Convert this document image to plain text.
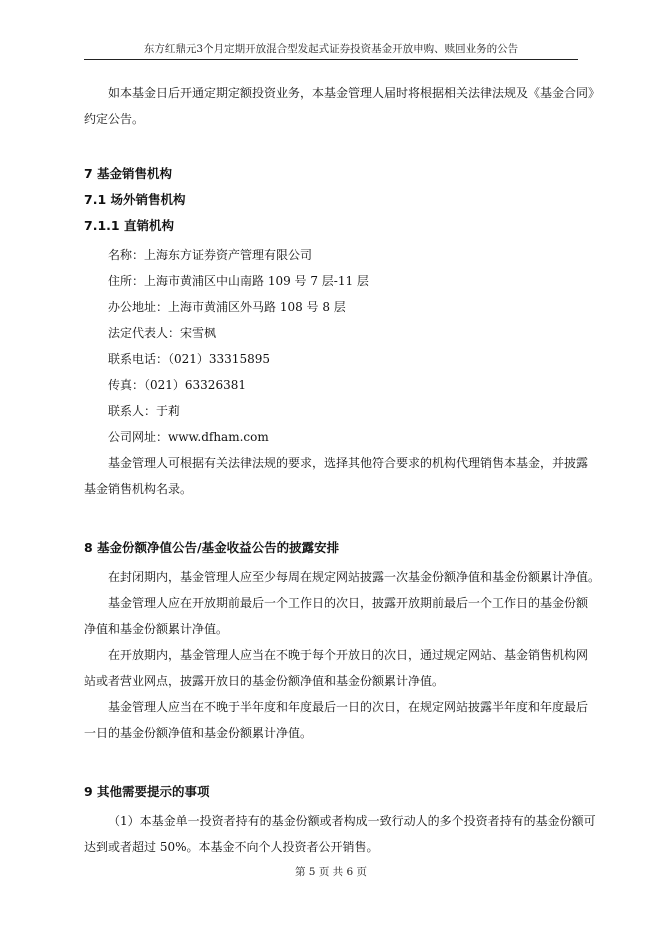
东方红鼎元3个月定期开放混合型发起式证券投资基金开放申购、赎回业务的公告
如本基金日后开通定期定额投资业务，本基金管理人届时将根据相关法律法规及《基金合同》
约定公告。
7 基金销售机构
7.1 场外销售机构
7.1.1 直销机构
名称：上海东方证券资产管理有限公司
住所：上海市黄浦区中山南路 109 号 7 层-11 层
办公地址：上海市黄浦区外马路 108 号 8 层
法定代表人：宋雪枫
联系电话：（021）33315895
传真：（021）63326381
联系人：于莉
公司网址：www.dfham.com
基金管理人可根据有关法律法规的要求，选择其他符合要求的机构代理销售本基金，并披露
基金销售机构名录。
8 基金份额净值公告/基金收益公告的披露安排
在封闭期内，基金管理人应至少每周在规定网站披露一次基金份额净值和基金份额累计净值。
基金管理人应在开放期前最后一个工作日的次日，披露开放期前最后一个工作日的基金份额
净值和基金份额累计净值。
在开放期内，基金管理人应当在不晚于每个开放日的次日，通过规定网站、基金销售机构网
站或者营业网点，披露开放日的基金份额净值和基金份额累计净值。
基金管理人应当在不晚于半年度和年度最后一日的次日，在规定网站披露半年度和年度最后
一日的基金份额净值和基金份额累计净值。
9 其他需要提示的事项
（1）本基金单一投资者持有的基金份额或者构成一致行动人的多个投资者持有的基金份额可
达到或者超过 50%。本基金不向个人投资者公开销售。
第 5 页 共 6 页
